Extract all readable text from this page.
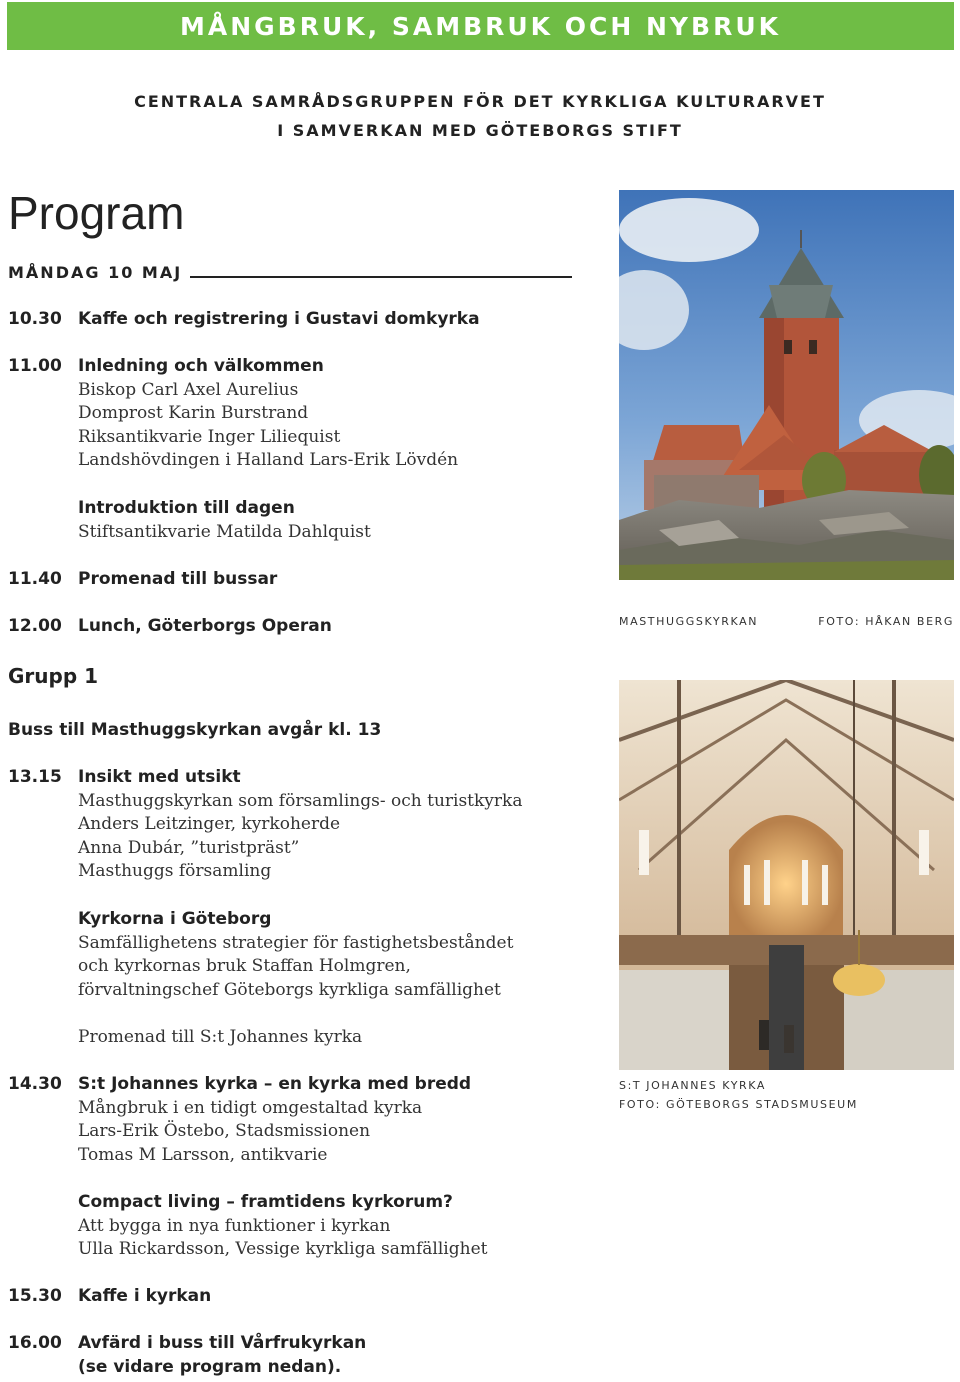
MÅNGBRUK, SAMBRUK OCH NYBRUK
CENTRALA SAMRÅDSGRUPPEN FÖR DET KYRKLIGA KULTURARVET
I SAMVERKAN MED GÖTEBORGS STIFT
Program
MÅNDAG 10 MAJ
10.30 Kaffe och registrering i Gustavi domkyrka
11.00 Inledning och välkommen
Biskop Carl Axel Aurelius
Domprost Karin Burstrand
Riksantikvarie Inger Liliequist
Landshövdingen i Halland Lars-Erik Lövdén
Introduktion till dagen
Stiftsantikvarie Matilda Dahlquist
11.40 Promenad till bussar
12.00 Lunch, Göterborgs Operan
Grupp 1
Buss till Masthuggskyrkan avgår kl. 13
13.15 Insikt med utsikt
Masthuggskyrkan som församlings- och turistkyrka
Anders Leitzinger, kyrkoherde
Anna Dubár, ”turistpräst”
Masthuggs församling
Kyrkorna i Göteborg
Samfällighetens strategier för fastighetsbeståndet
och kyrkornas bruk Staffan Holmgren,
förvaltningschef Göteborgs kyrkliga samfällighet
Promenad till S:t Johannes kyrka
14.30 S:t Johannes kyrka – en kyrka med bredd
Mångbruk i en tidigt omgestaltad kyrka
Lars-Erik Östebo, Stadsmissionen
Tomas M Larsson, antikvarie
Compact living – framtidens kyrkorum?
Att bygga in nya funktioner i kyrkan
Ulla Rickardsson, Vessige kyrkliga samfällighet
15.30 Kaffe i kyrkan
16.00 Avfärd i buss till Vårfrukyrkan
(se vidare program nedan).
MASTHUGGSKYRKAN	FOTO: HÅKAN BERG
S:T JOHANNES KYRKA
FOTO: GÖTEBORGS STADSMUSEUM
